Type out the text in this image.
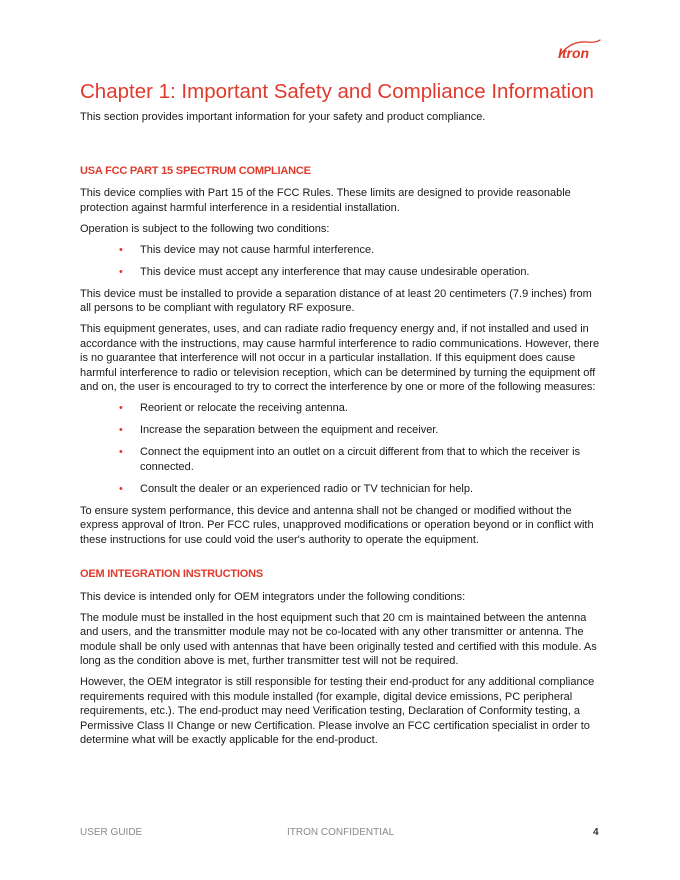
Itron
Chapter 1: Important Safety and Compliance Information

This section provides important information for your safety and product compliance.

USA FCC PART 15 SPECTRUM COMPLIANCE

This device complies with Part 15 of the FCC Rules. These limits are designed to provide reasonable protection against harmful interference in a residential installation.

Operation is subject to the following two conditions:

• This device may not cause harmful interference.
• This device must accept any interference that may cause undesirable operation.

This device must be installed to provide a separation distance of at least 20 centimeters (7.9 inches) from all persons to be compliant with regulatory RF exposure.

This equipment generates, uses, and can radiate radio frequency energy and, if not installed and used in accordance with the instructions, may cause harmful interference to radio communications. However, there is no guarantee that interference will not occur in a particular installation. If this equipment does cause harmful interference to radio or television reception, which can be determined by turning the equipment off and on, the user is encouraged to try to correct the interference by one or more of the following measures:

• Reorient or relocate the receiving antenna.
• Increase the separation between the equipment and receiver.
• Connect the equipment into an outlet on a circuit different from that to which the receiver is connected.
• Consult the dealer or an experienced radio or TV technician for help.

To ensure system performance, this device and antenna shall not be changed or modified without the express approval of Itron. Per FCC rules, unapproved modifications or operation beyond or in conflict with these instructions for use could void the user's authority to operate the equipment.

OEM INTEGRATION INSTRUCTIONS

This device is intended only for OEM integrators under the following conditions:

The module must be installed in the host equipment such that 20 cm is maintained between the antenna and users, and the transmitter module may not be co-located with any other transmitter or antenna. The module shall be only used with antennas that have been originally tested and certified with this module. As long as the condition above is met, further transmitter test will not be required.

However, the OEM integrator is still responsible for testing their end-product for any additional compliance requirements required with this module installed (for example, digital device emissions, PC peripheral requirements, etc.). The end-product may need Verification testing, Declaration of Conformity testing, a Permissive Class II Change or new Certification. Please involve an FCC certification specialist in order to determine what will be exactly applicable for the end-product.

USER GUIDE	ITRON CONFIDENTIAL	4
